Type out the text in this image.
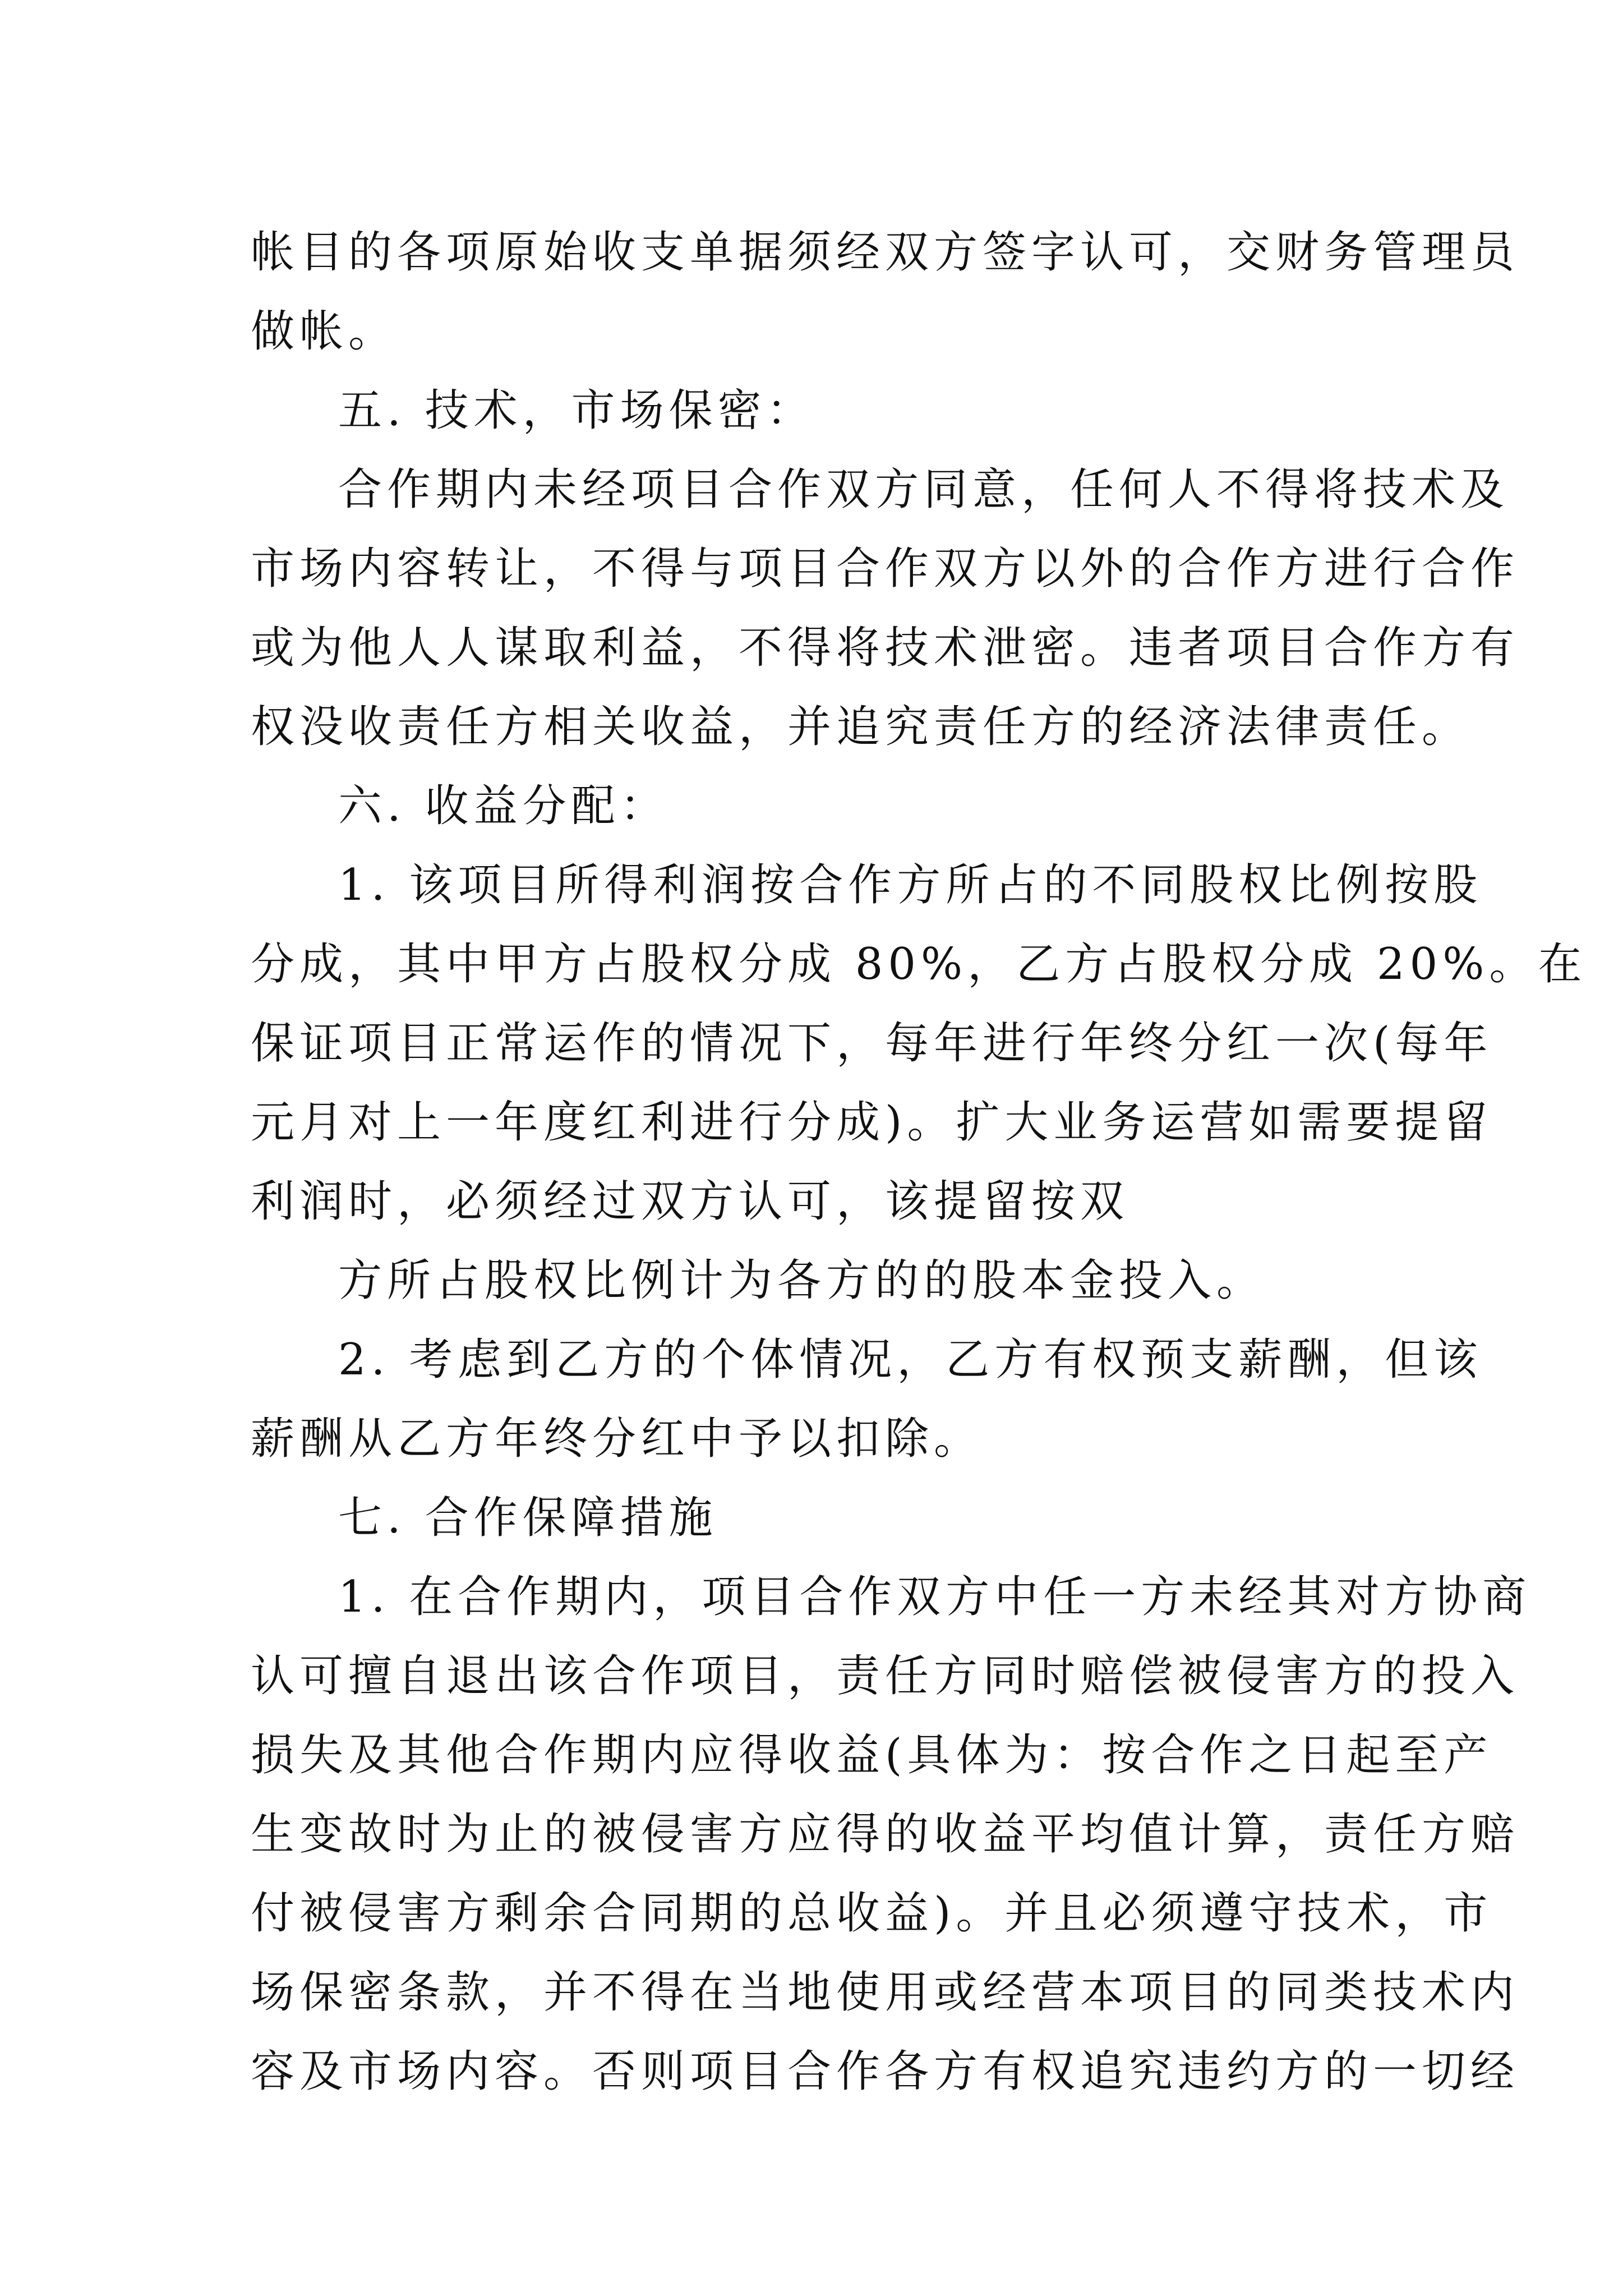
帐目的各项原始收支单据须经双方签字认可，交财务管理员
做帐。
五. 技术，市场保密：
合作期内未经项目合作双方同意，任何人不得将技术及
市场内容转让，不得与项目合作双方以外的合作方进行合作
或为他人人谋取利益，不得将技术泄密。违者项目合作方有
权没收责任方相关收益，并追究责任方的经济法律责任。
六. 收益分配：
1. 该项目所得利润按合作方所占的不同股权比例按股
分成，其中甲方占股权分成 80%，乙方占股权分成 20%。在
保证项目正常运作的情况下，每年进行年终分红一次(每年
元月对上一年度红利进行分成)。扩大业务运营如需要提留
利润时，必须经过双方认可，该提留按双
方所占股权比例计为各方的的股本金投入。
2. 考虑到乙方的个体情况，乙方有权预支薪酬，但该
薪酬从乙方年终分红中予以扣除。
七. 合作保障措施
1. 在合作期内，项目合作双方中任一方未经其对方协商
认可擅自退出该合作项目，责任方同时赔偿被侵害方的投入
损失及其他合作期内应得收益(具体为：按合作之日起至产
生变故时为止的被侵害方应得的收益平均值计算，责任方赔
付被侵害方剩余合同期的总收益)。并且必须遵守技术，市
场保密条款，并不得在当地使用或经营本项目的同类技术内
容及市场内容。否则项目合作各方有权追究违约方的一切经
